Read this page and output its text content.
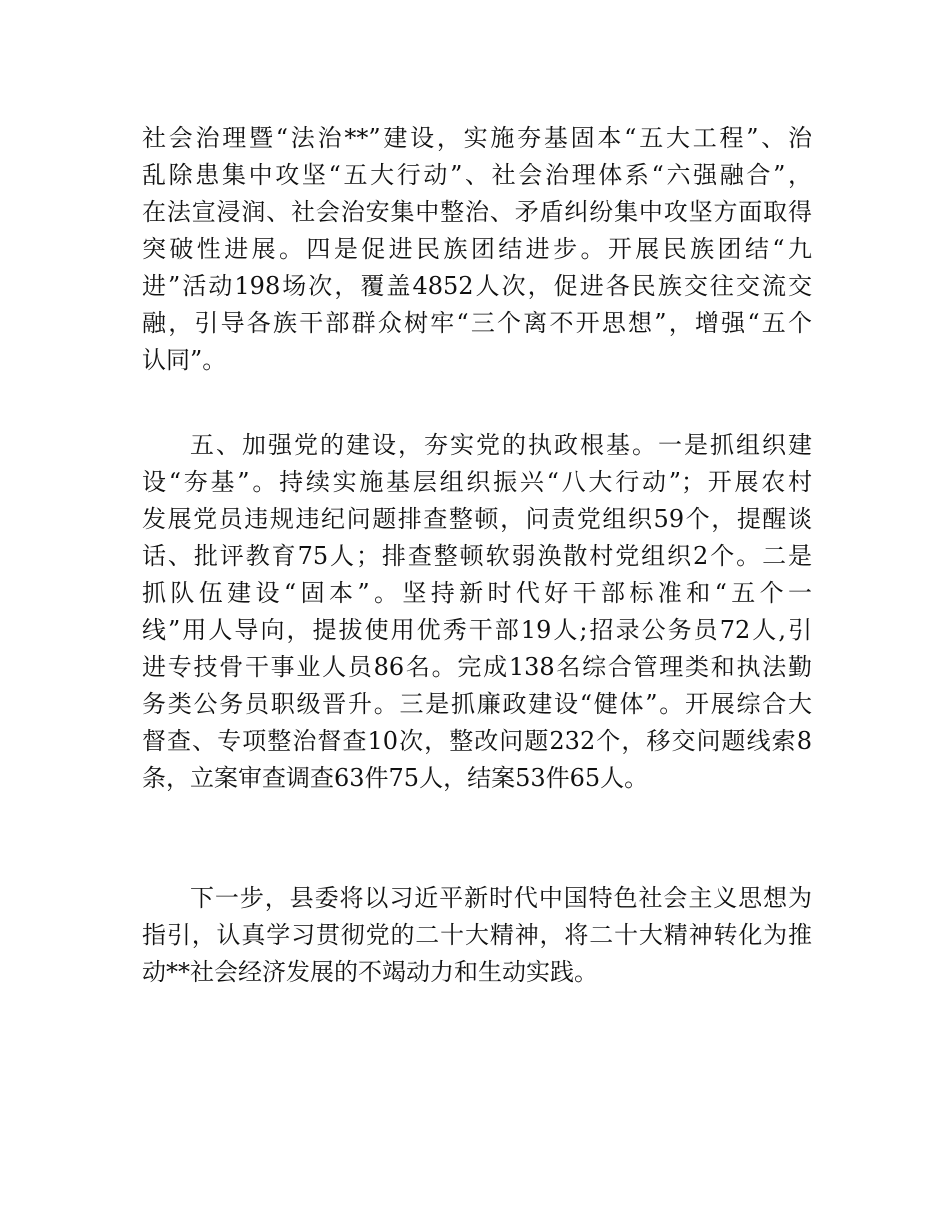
社会治理暨“法治**”建设，实施夯基固本“五大工程”、治
乱除患集中攻坚“五大行动”、社会治理体系“六强融合”，
在法宣浸润、社会治安集中整治、矛盾纠纷集中攻坚方面取得
突破性进展。四是促进民族团结进步。开展民族团结“九
进”活动198场次，覆盖4852人次，促进各民族交往交流交
融，引导各族干部群众树牢“三个离不开思想”，增强“五个
认同”。
五、加强党的建设，夯实党的执政根基。一是抓组织建
设“夯基”。持续实施基层组织振兴“八大行动”；开展农村
发展党员违规违纪问题排查整顿，问责党组织59个，提醒谈
话、批评教育75人；排查整顿软弱涣散村党组织2个。二是
抓队伍建设“固本”。坚持新时代好干部标准和“五个一
线”用人导向，提拔使用优秀干部19人;招录公务员72人,引
进专技骨干事业人员86名。完成138名综合管理类和执法勤
务类公务员职级晋升。三是抓廉政建设“健体”。开展综合大
督查、专项整治督查10次，整改问题232个，移交问题线索8
条，立案审查调查63件75人，结案53件65人。
下一步，县委将以习近平新时代中国特色社会主义思想为
指引，认真学习贯彻党的二十大精神，将二十大精神转化为推
动**社会经济发展的不竭动力和生动实践。
